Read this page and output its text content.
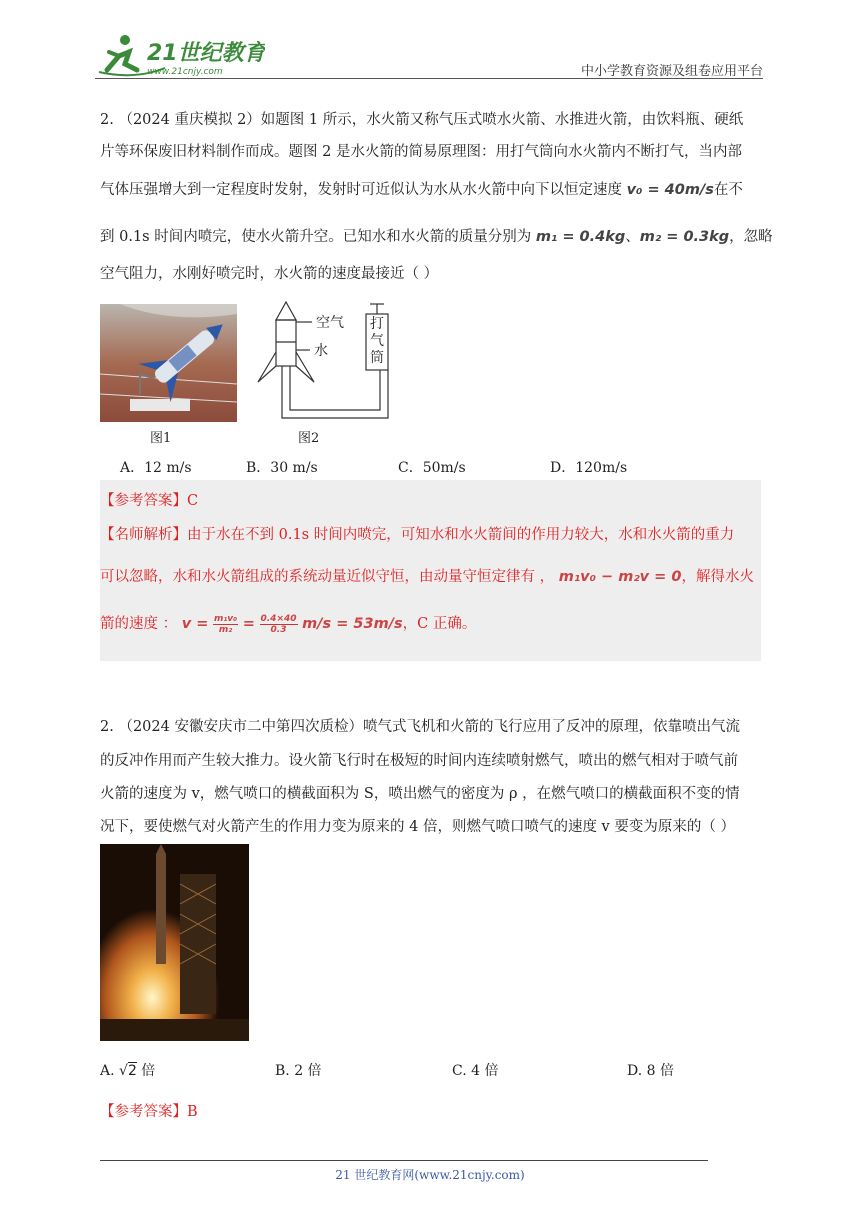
21世纪教育
www.21cnjy.com	中小学教育资源及组卷应用平台
2. （2024 重庆模拟 2）如题图 1 所示，水火箭又称气压式喷水火箭、水推进火箭，由饮料瓶、硬纸
片等环保废旧材料制作而成。题图 2 是水火箭的简易原理图：用打气筒向水火箭内不断打气，当内部
气体压强增大到一定程度时发射，发射时可近似认为水从水火箭中向下以恒定速度 v₀ = 40m/s在不
到 0.1s 时间内喷完，使水火箭升空。已知水和水火箭的质量分别为 m₁ = 0.4kg、m₂ = 0.3kg，忽略
空气阻力，水刚好喷完时，水火箭的速度最接近（ ）
图1
空气
水
打气筒
图2
A．12 m/s	B．30 m/s	C．50m/s	D．120m/s
【参考答案】C
【名师解析】由于水在不到 0.1s 时间内喷完，可知水和水火箭间的作用力较大，水和水火箭的重力
可以忽略，水和水火箭组成的系统动量近似守恒，由动量守恒定律有 ， m₁v₀ − m₂v = 0，解得水火
箭的速度 ： $v = \frac{\text{m₁v₀}}{\text{m₂}} = \frac{0.4\times 40}{0.3} m/s = 53m/s$，C 正确。
2. （2024 安徽安庆市二中第四次质检）喷气式飞机和火箭的飞行应用了反冲的原理，依靠喷出气流
的反冲作用而产生较大推力。设火箭飞行时在极短的时间内连续喷射燃气，喷出的燃气相对于喷气前
火箭的速度为 v，燃气喷口的横截面积为 S，喷出燃气的密度为 ρ ，在燃气喷口的横截面积不变的情
况下，要使燃气对火箭产生的作用力变为原来的 4 倍，则燃气喷口喷气的速度 v 要变为原来的（ ）
A. √2 倍	B. 2 倍	C. 4 倍	D. 8 倍
【参考答案】B
21 世纪教育网(www.21cnjy.com)
